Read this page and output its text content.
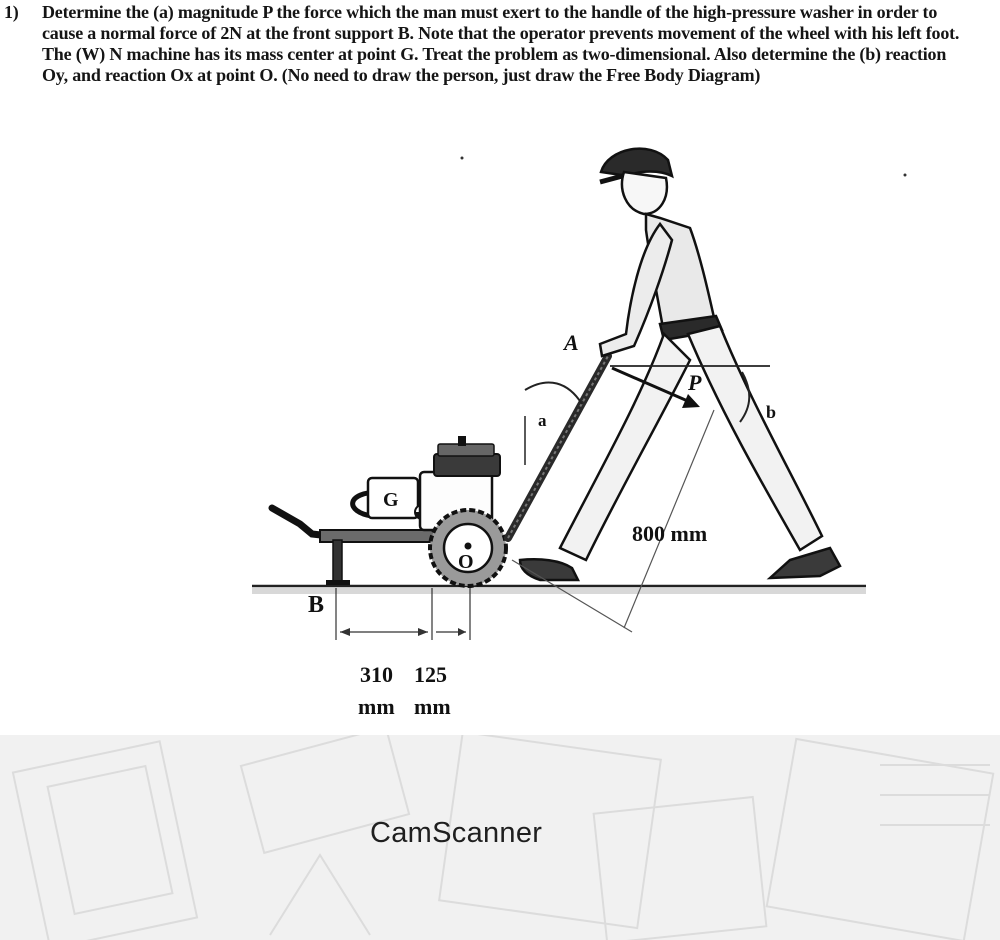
1) Determine the (a) magnitude P the force which the man must exert to the handle of the high-pressure washer in order to cause a normal force of 2N at the front support B. Note that the operator prevents movement of the wheel with his left foot. The (W) N machine has its mass center at point G. Treat the problem as two-dimensional. Also determine the (b) reaction Oy, and reaction Ox at point O. (No need to draw the person, just draw the Free Body Diagram)
G
O
a
A
P
b
800 mm
B
310 125
mm mm
CamScanner
